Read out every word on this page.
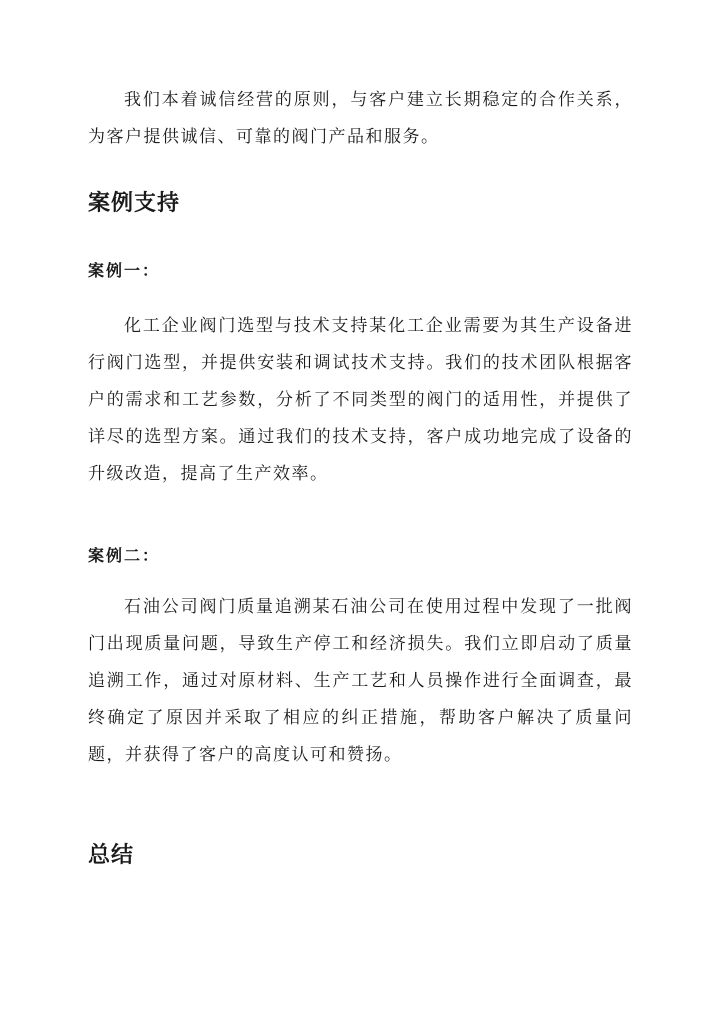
我们本着诚信经营的原则，与客户建立长期稳定的合作关系，为客户提供诚信、可靠的阀门产品和服务。

案例支持
案例一：

化工企业阀门选型与技术支持某化工企业需要为其生产设备进行阀门选型，并提供安装和调试技术支持。我们的技术团队根据客户的需求和工艺参数，分析了不同类型的阀门的适用性，并提供了详尽的选型方案。通过我们的技术支持，客户成功地完成了设备的升级改造，提高了生产效率。

案例二：

石油公司阀门质量追溯某石油公司在使用过程中发现了一批阀门出现质量问题，导致生产停工和经济损失。我们立即启动了质量追溯工作，通过对原材料、生产工艺和人员操作进行全面调查，最终确定了原因并采取了相应的纠正措施，帮助客户解决了质量问题，并获得了客户的高度认可和赞扬。

总结
